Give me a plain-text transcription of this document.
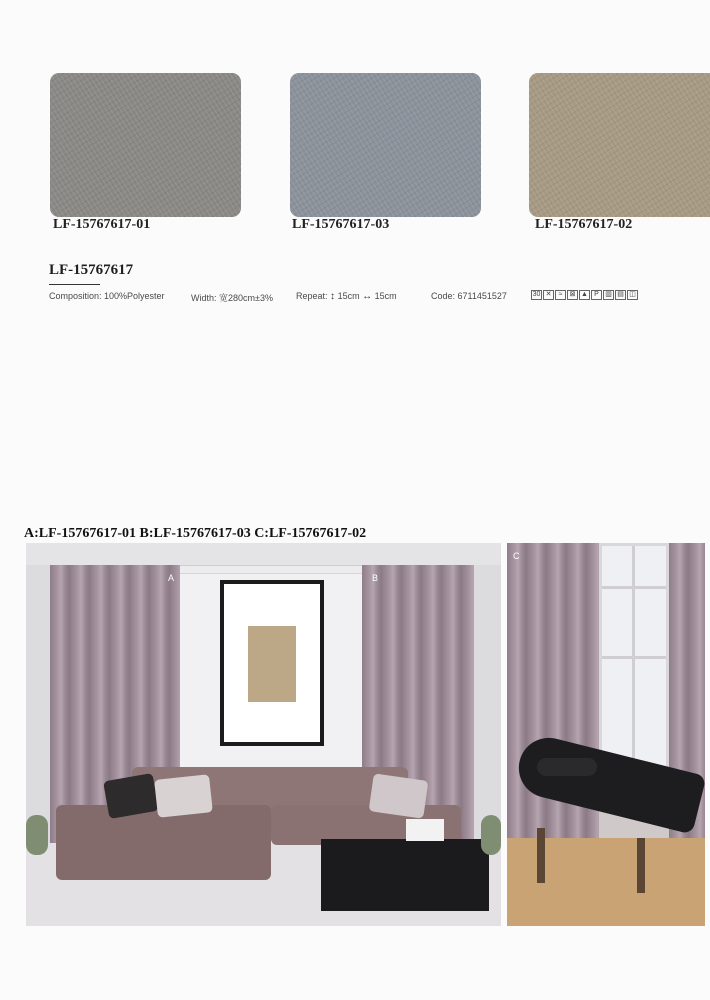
LF-15767617-01	LF-15767617-03	LF-15767617-02
LF-15767617
Composition: 100%Polyester	Width: 宽280cm±3%	Repeat: ↕ 15cm ↔ 15cm	Code: 6711451527	30 ✕	≈	⊠ ▲ P ▥ ▤ ◫
A:LF-15767617-01 B:LF-15767617-03 C:LF-15767617-02
A	B
C
